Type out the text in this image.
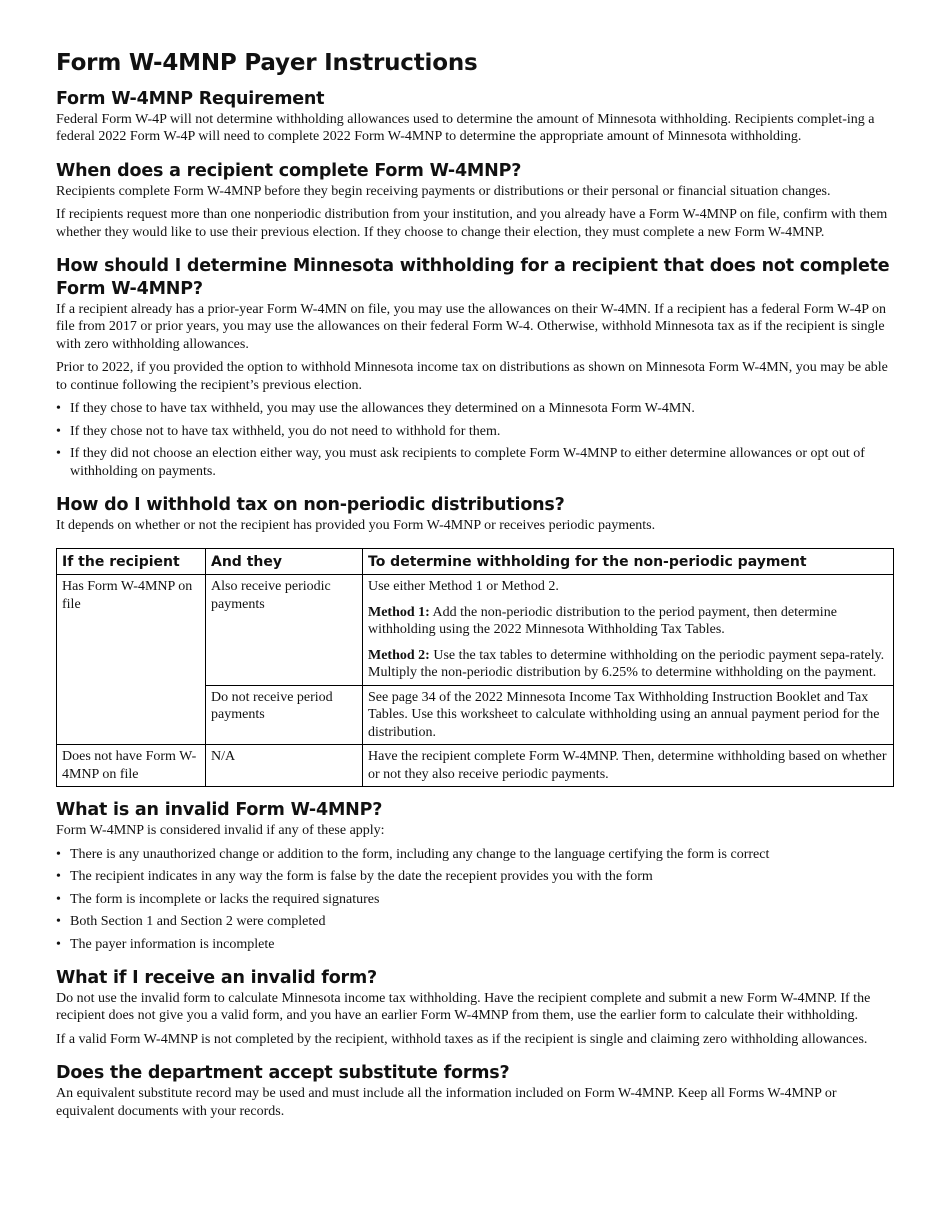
Form W-4MNP Payer Instructions
Form W-4MNP Requirement

Federal Form W-4P will not determine withholding allowances used to determine the amount of Minnesota withholding. Recipients complet-ing a federal 2022 Form W-4P will need to complete 2022 Form W-4MNP to determine the appropriate amount of Minnesota withholding.

When does a recipient complete Form W-4MNP?

Recipients complete Form W-4MNP before they begin receiving payments or distributions or their personal or financial situation changes.

If recipients request more than one nonperiodic distribution from your institution, and you already have a Form W-4MNP on file, confirm with them whether they would like to use their previous election. If they choose to change their election, they must complete a new Form W-4MNP.

How should I determine Minnesota withholding for a recipient that does not complete Form W-4MNP?

If a recipient already has a prior-year Form W-4MN on file, you may use the allowances on their W-4MN. If a recipient has a federal Form W-4P on file from 2017 or prior years, you may use the allowances on their federal Form W-4. Otherwise, withhold Minnesota tax as if the recipient is single with zero withholding allowances.

Prior to 2022, if you provided the option to withhold Minnesota income tax on distributions as shown on Minnesota Form W-4MN, you may be able to continue following the recipient’s previous election.

• If they chose to have tax withheld, you may use the allowances they determined on a Minnesota Form W-4MN.
• If they chose not to have tax withheld, you do not need to withhold for them.
• If they did not choose an election either way, you must ask recipients to complete Form W-4MNP to either determine allowances or opt out of withholding on payments.
How do I withhold tax on non-periodic distributions?

It depends on whether or not the recipient has provided you Form W-4MNP or receives periodic payments.

If the recipient	And they	To determine withholding for the non-periodic payment
Has Form W-4MNP on file	Also receive periodic payments	Use either Method 1 or Method 2.

Method 1: Add the non-periodic distribution to the period payment, then determine withholding using the 2022 Minnesota Withholding Tax Tables.

Method 2: Use the tax tables to determine withholding on the periodic payment sepa-rately. Multiply the non-periodic distribution by 6.25% to determine withholding on the payment.

	Do not receive period payments	See page 34 of the 2022 Minnesota Income Tax Withholding Instruction Booklet and Tax Tables. Use this worksheet to calculate withholding using an annual payment period for the distribution.
Does not have Form W-4MNP on file	N/A	Have the recipient complete Form W-4MNP. Then, determine withholding based on whether or not they also receive periodic payments.
What is an invalid Form W-4MNP?

Form W-4MNP is considered invalid if any of these apply:

• There is any unauthorized change or addition to the form, including any change to the language certifying the form is correct
• The recipient indicates in any way the form is false by the date the recepient provides you with the form
• The form is incomplete or lacks the required signatures
• Both Section 1 and Section 2 were completed
• The payer information is incomplete
What if I receive an invalid form?

Do not use the invalid form to calculate Minnesota income tax withholding. Have the recipient complete and submit a new Form W-4MNP. If the recipient does not give you a valid form, and you have an earlier Form W-4MNP from them, use the earlier form to calculate their withholding.

If a valid Form W-4MNP is not completed by the recipient, withhold taxes as if the recipient is single and claiming zero withholding allowances.

Does the department accept substitute forms?

An equivalent substitute record may be used and must include all the information included on Form W-4MNP. Keep all Forms W-4MNP or equivalent documents with your records.
